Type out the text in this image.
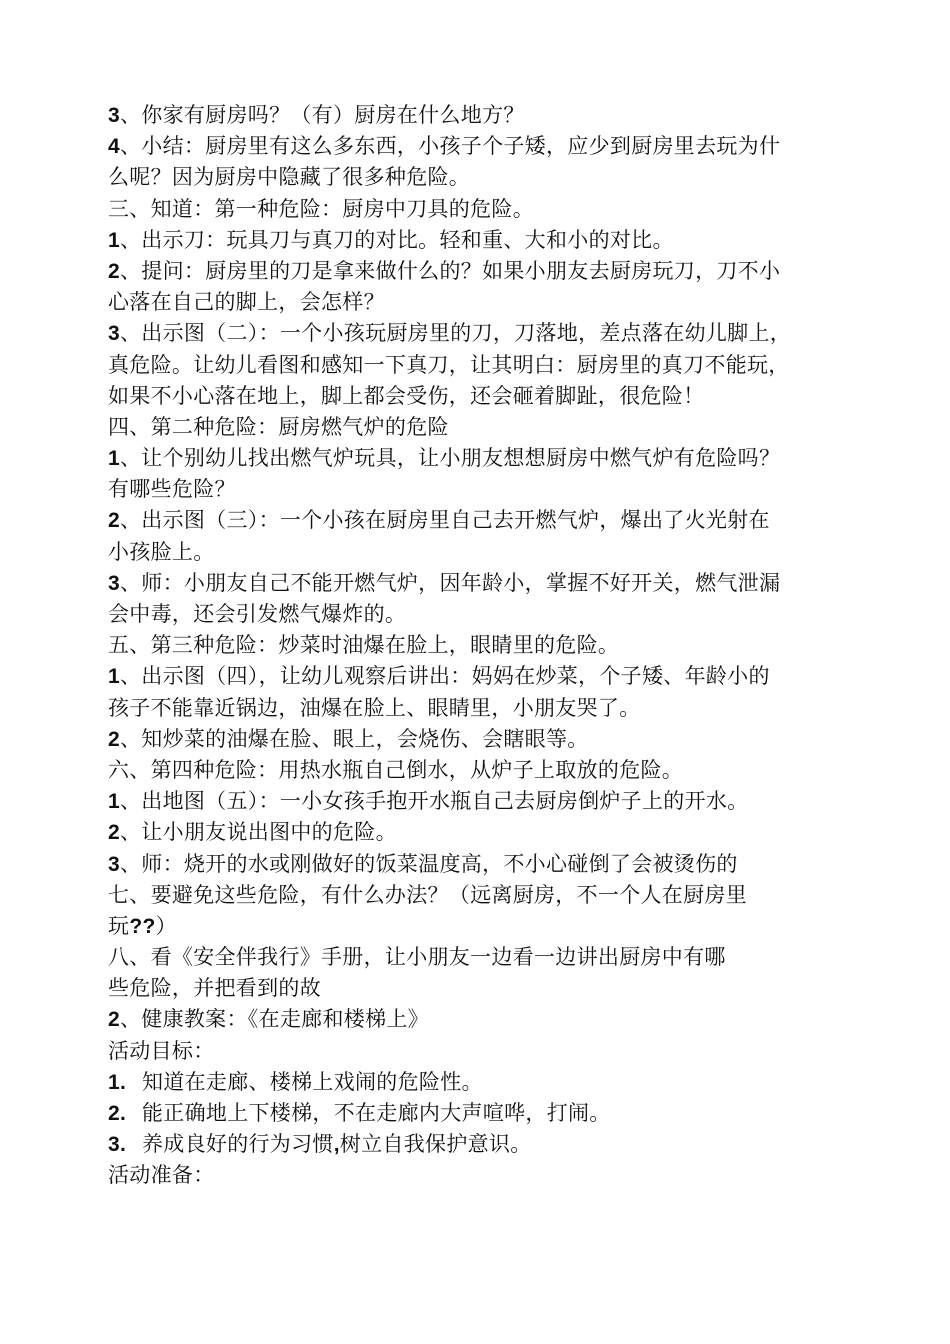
3、你家有厨房吗？（有）厨房在什么地方？
4、小结：厨房里有这么多东西，小孩子个子矮，应少到厨房里去玩为什
么呢？因为厨房中隐藏了很多种危险。
三、知道：第一种危险：厨房中刀具的危险。
1、出示刀：玩具刀与真刀的对比。轻和重、大和小的对比。
2、提问：厨房里的刀是拿来做什么的？如果小朋友去厨房玩刀，刀不小
心落在自己的脚上，会怎样？
3、出示图（二）：一个小孩玩厨房里的刀，刀落地，差点落在幼儿脚上，
真危险。让幼儿看图和感知一下真刀，让其明白：厨房里的真刀不能玩，
如果不小心落在地上，脚上都会受伤，还会砸着脚趾，很危险！
四、第二种危险：厨房燃气炉的危险
1、让个别幼儿找出燃气炉玩具，让小朋友想想厨房中燃气炉有危险吗？
有哪些危险？
2、出示图（三）：一个小孩在厨房里自己去开燃气炉，爆出了火光射在
小孩脸上。
3、师：小朋友自己不能开燃气炉，因年龄小，掌握不好开关，燃气泄漏
会中毒，还会引发燃气爆炸的。
五、第三种危险：炒菜时油爆在脸上，眼睛里的危险。
1、出示图（四），让幼儿观察后讲出：妈妈在炒菜，个子矮、年龄小的
孩子不能靠近锅边，油爆在脸上、眼睛里，小朋友哭了。
2、知炒菜的油爆在脸、眼上，会烧伤、会瞎眼等。
六、第四种危险：用热水瓶自己倒水，从炉子上取放的危险。
1、出地图（五）：一小女孩手抱开水瓶自己去厨房倒炉子上的开水。
2、让小朋友说出图中的危险。
3、师：烧开的水或刚做好的饭菜温度高，不小心碰倒了会被烫伤的
七、要避免这些危险，有什么办法？（远离厨房，不一个人在厨房里
玩??）
八、看《安全伴我行》手册，让小朋友一边看一边讲出厨房中有哪
些危险，并把看到的故
2、健康教案：《在走廊和楼梯上》
活动目标：
1. 知道在走廊、楼梯上戏闹的危险性。
2. 能正确地上下楼梯，不在走廊内大声喧哗，打闹。
3. 养成良好的行为习惯,树立自我保护意识。
活动准备：
